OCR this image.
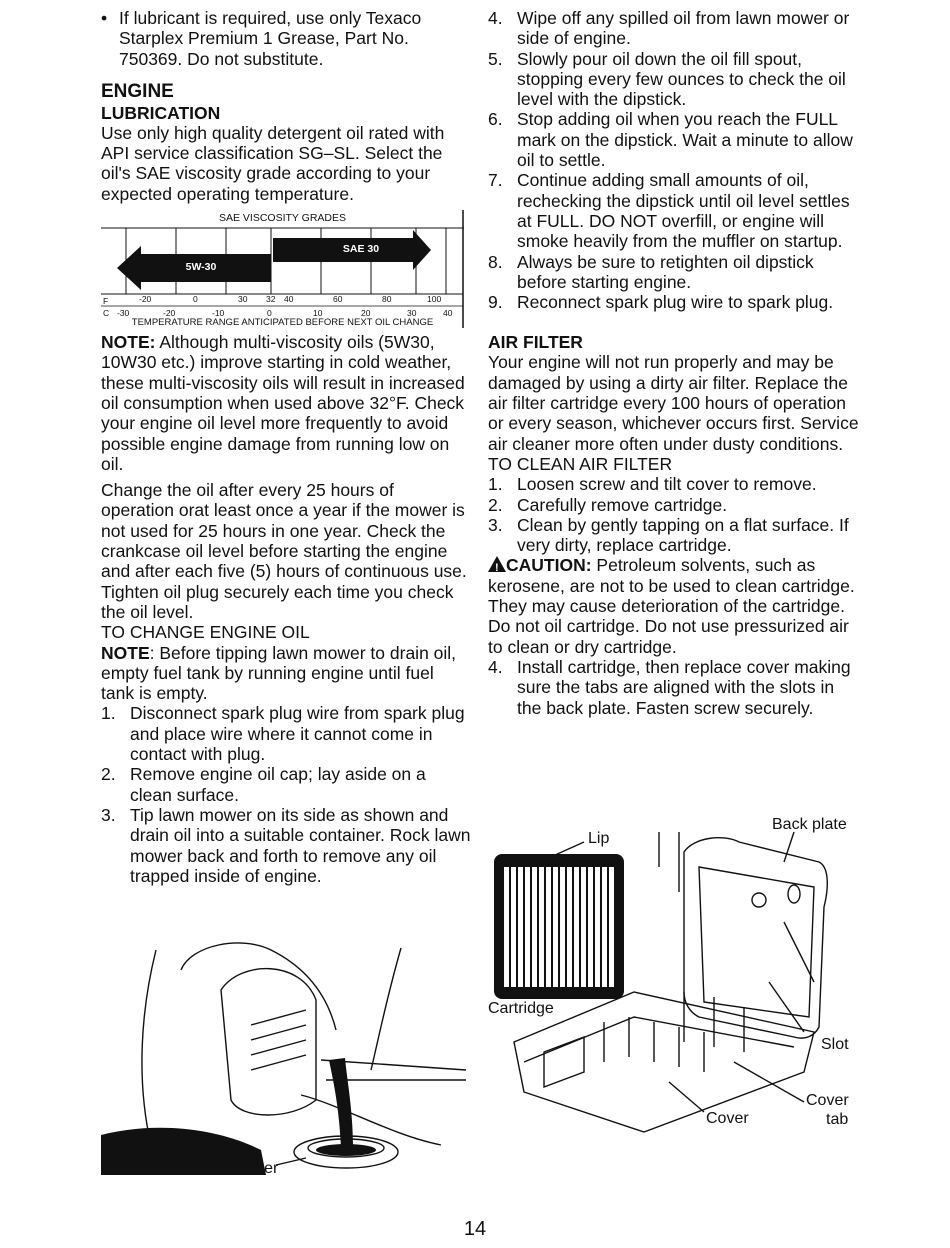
• If lubricant is required, use only Texaco Starplex Premium 1 Grease, Part No. 750369. Do not substitute.

ENGINE
LUBRICATION

Use only high quality detergent oil rated with API service classification SG–SL. Select the oil's SAE viscosity grade according to your expected operating temperature.

SAE VISCOSITY GRADES
SAE 30
5W-30
F
C
-20	0	30 32 40	60	80	100
-30	-20	-10	0	10	20	30	40
TEMPERATURE RANGE ANTICIPATED BEFORE NEXT OIL CHANGE

NOTE: Although multi-viscosity oils (5W30, 10W30 etc.) improve starting in cold weather, these multi-viscosity oils will result in increased oil consumption when used above 32°F. Check your engine oil level more frequently to avoid possible engine damage from running low on oil.

Change the oil after every 25 hours of operation orat least once a year if the mower is not used for 25 hours in one year. Check the crankcase oil level before starting the engine and after each five (5) hours of continuous use. Tighten oil plug securely each time you check the oil level.

TO CHANGE ENGINE OIL

NOTE: Before tipping lawn mower to drain oil, empty fuel tank by running engine until fuel tank is empty.

1. Disconnect spark plug wire from spark plug and place wire where it cannot come in contact with plug.
2. Remove engine oil cap; lay aside on a clean surface.
3. Tip lawn mower on its side as shown and drain oil into a suitable container. Rock lawn mower back and forth to remove any oil trapped inside of engine.
Container
4. Wipe off any spilled oil from lawn mower or side of engine.
5. Slowly pour oil down the oil fill spout, stopping every few ounces to check the oil level with the dipstick.
6. Stop adding oil when you reach the FULL mark on the dipstick. Wait a minute to allow oil to settle.
7. Continue adding small amounts of oil, rechecking the dipstick until oil level settles at FULL. DO NOT overfill, or engine will smoke heavily from the muffler on startup.
8. Always be sure to retighten oil dipstick before starting engine.
9. Reconnect spark plug wire to spark plug.
AIR FILTER

Your engine will not run properly and may be damaged by using a dirty air filter. Replace the air filter cartridge every 100 hours of operation or every season, whichever occurs first. Service air cleaner more often under dusty conditions.

TO CLEAN AIR FILTER

1. Loosen screw and tilt cover to remove.
2. Carefully remove cartridge.
3. Clean by gently tapping on a flat surface. If very dirty, replace cartridge.

!CAUTION: Petroleum solvents, such as kerosene, are not to be used to clean cartridge. They may cause deterioration of the cartridge. Do not oil cartridge. Do not use pressurized air to clean or dry cartridge.

4. Install cartridge, then replace cover making sure the tabs are aligned with the slots in the back plate. Fasten screw securely.
Lip
Back plate
Cartridge
Slot
Cover
Cover
tab
14
